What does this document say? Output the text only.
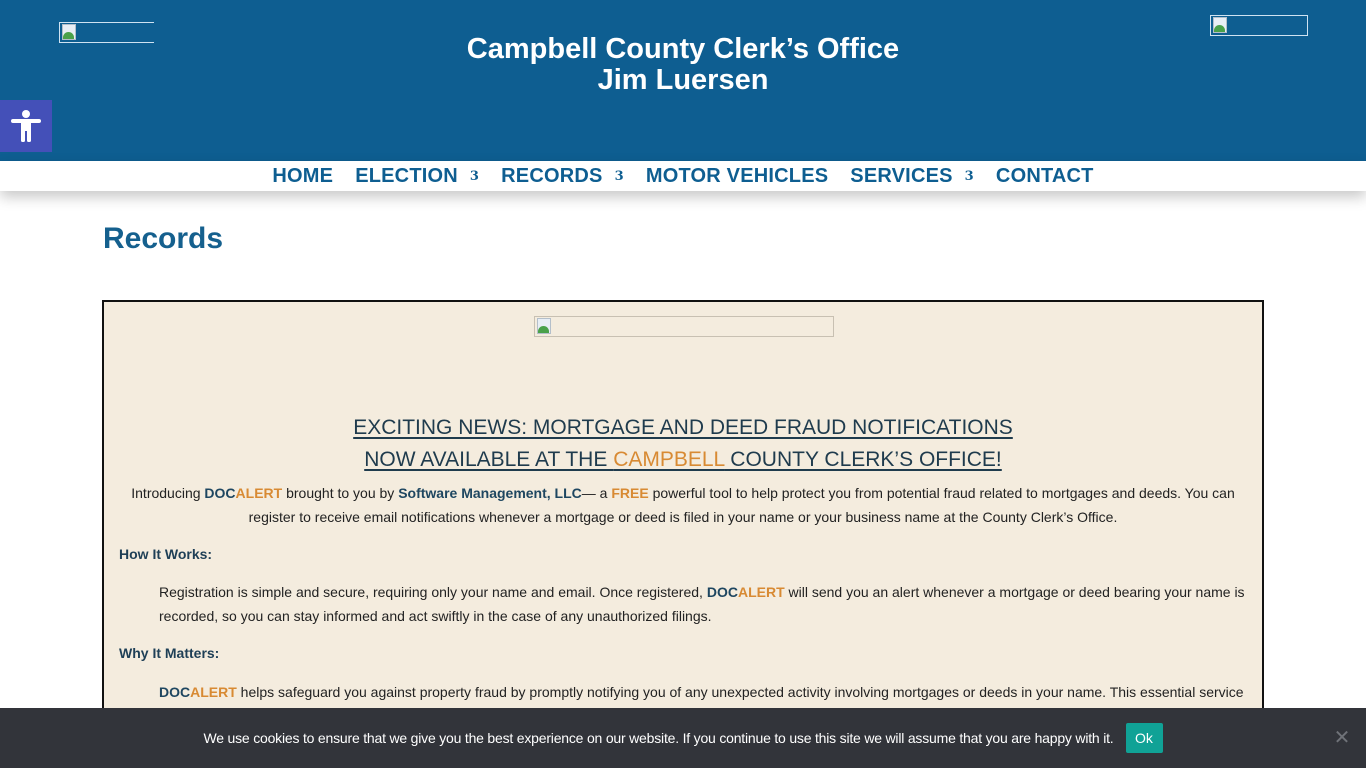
Campbell County Clerk’s Office
Jim Luersen
HOME ELECTION 3 RECORDS 3 MOTOR VEHICLES SERVICES 3 CONTACT
Records
EXCITING NEWS: MORTGAGE AND DEED FRAUD NOTIFICATIONS
NOW AVAILABLE AT THE CAMPBELL COUNTY CLERK’S OFFICE!

Introducing DOCALERT brought to you by Software Management, LLC— a FREE powerful tool to help protect you from potential fraud related to mortgages and deeds. You can register to receive email notifications whenever a mortgage or deed is filed in your name or your business name at the County Clerk’s Office.

How It Works:

Registration is simple and secure, requiring only your name and email. Once registered, DOCALERT will send you an alert whenever a mortgage or deed bearing your name is recorded, so you can stay informed and act swiftly in the case of any unauthorized filings.

Why It Matters:

DOCALERT helps safeguard you against property fraud by promptly notifying you of any unexpected activity involving mortgages or deeds in your name. This essential service

We use cookies to ensure that we give you the best experience on our website. If you continue to use this site we will assume that you are happy with it.	Ok	✕
